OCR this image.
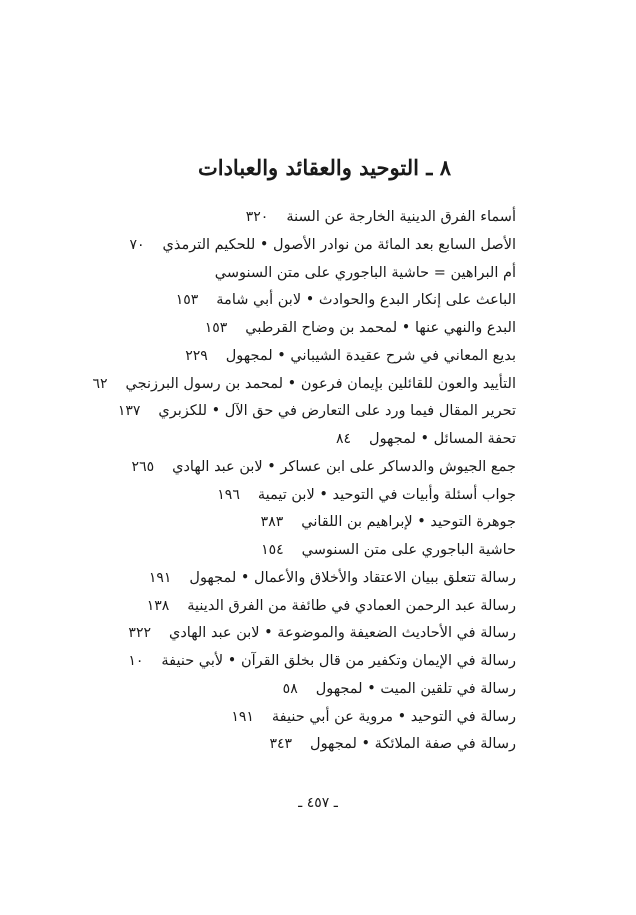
٨ ـ التوحيد والعقائد والعبادات
أسماء الفرق الدينية الخارجة عن السنة٣٢٠
الأصل السابع بعد المائة من نوادر الأصول • للحكيم الترمذي٧٠
أم البراهين = حاشية الباجوري على متن السنوسي
الباعث على إنكار البدع والحوادث • لابن أبي شامة١٥٣
البدع والنهي عنها • لمحمد بن وضاح القرطبي١٥٣
بديع المعاني في شرح عقيدة الشيباني • لمجهول٢٢٩
التأييد والعون للقائلين بإيمان فرعون • لمحمد بن رسول البرزنجي٦٢
تحرير المقال فيما ورد على التعارض في حق الآل • للكزبري١٣٧
تحفة المسائل • لمجهول٨٤
جمع الجيوش والدساكر على ابن عساكر • لابن عبد الهادي٢٦٥
جواب أسئلة وأبيات في التوحيد • لابن تيمية١٩٦
جوهرة التوحيد • لإبراهيم بن اللقاني٣٨٣
حاشية الباجوري على متن السنوسي١٥٤
رسالة تتعلق ببيان الاعتقاد والأخلاق والأعمال • لمجهول١٩١
رسالة عبد الرحمن العمادي في طائفة من الفرق الدينية١٣٨
رسالة في الأحاديث الضعيفة والموضوعة • لابن عبد الهادي٣٢٢
رسالة في الإيمان وتكفير من قال بخلق القرآن • لأبي حنيفة١٠
رسالة في تلقين الميت • لمجهول٥٨
رسالة في التوحيد • مروية عن أبي حنيفة١٩١
رسالة في صفة الملائكة • لمجهول٣٤٣
ـ ٤٥٧ ـ
